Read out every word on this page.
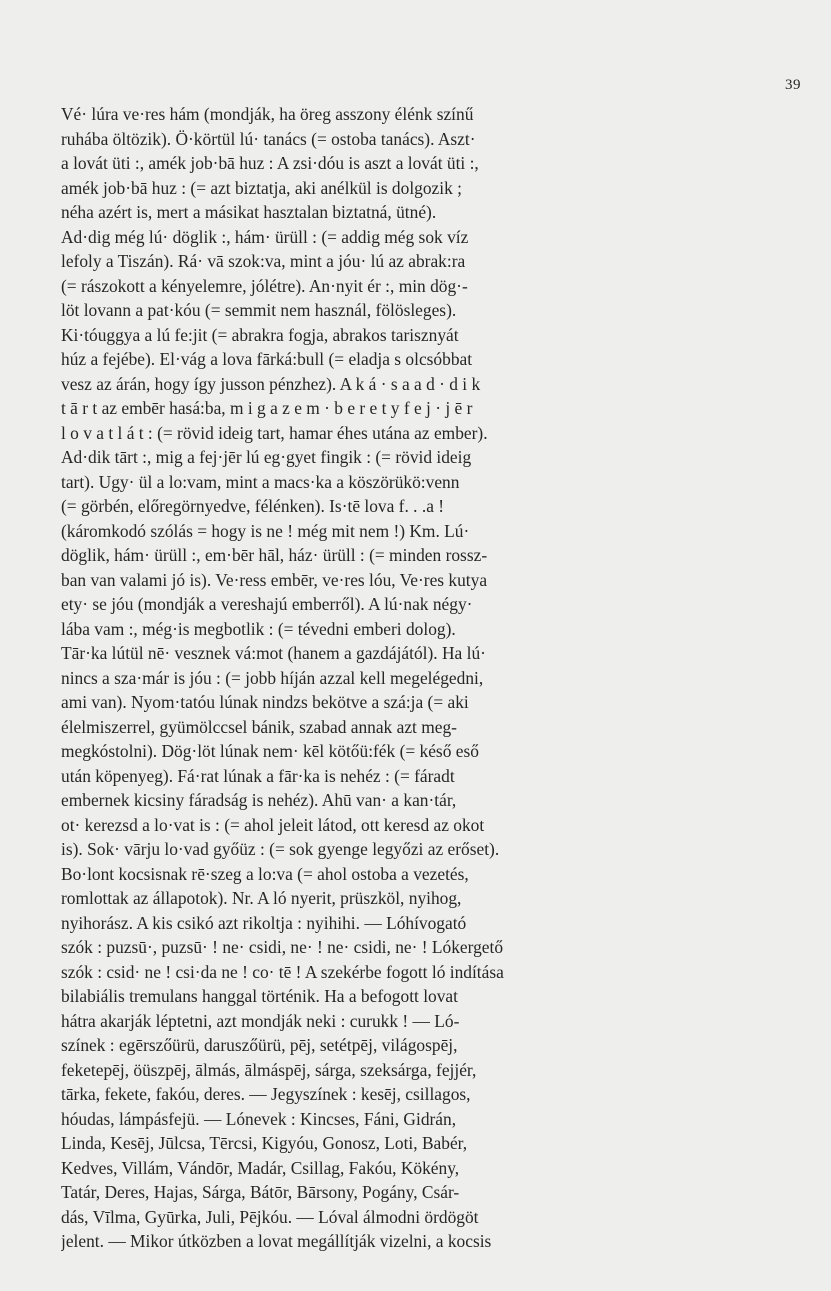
39
Vé· lúra ve·res hám (mondják, ha öreg asszony élénk színű
ruhába öltözik). Ö·körtül lú· tanács (= ostoba tanács). Aszt·
a lovát üti :, amék job·bā huz : A zsi·dóu is aszt a lovát üti :,
amék job·bā huz : (= azt biztatja, aki anélkül is dolgozik ;
néha azért is, mert a másikat hasztalan biztatná, ütné).
Ad·dig még lú· döglik :, hám· ürüll : (= addig még sok víz
lefoly a Tiszán). Rá· vā szok:va, mint a jóu· lú az abrak:ra
(= rászokott a kényelemre, jólétre). An·nyit ér :, min dög·-
löt lovann a pat·kóu (= semmit nem használ, fölösleges).
Ki·tóuggya a lú fe:jit (= abrakra fogja, abrakos tarisznyát
húz a fejébe). El·vág a lova fārká:bull (= eladja s olcsóbbat
vesz az árán, hogy így jusson pénzhez). A k á · s a a d · d i k
t ā r t az embēr hasá:ba, m i g a z e m · b e r e t y f e j · j ē r
l o v a t l á t : (= rövid ideig tart, hamar éhes utána az ember).
Ad·dik tārt :, mig a fej·jēr lú eg·gyet fingik : (= rövid ideig
tart). Ugy· ül a lo:vam, mint a macs·ka a köszörükö:venn
(= görbén, előregörnyedve, félénken). Is·tē lova f. . .a !
(káromkodó szólás = hogy is ne ! még mit nem !) Km. Lú·
döglik, hám· ürüll :, em·bēr hāl, ház· ürüll : (= minden rossz-
ban van valami jó is). Ve·ress embēr, ve·res lóu, Ve·res kutya
ety· se jóu (mondják a vereshajú emberről). A lú·nak négy·
lába vam :, még·is megbotlik : (= tévedni emberi dolog).
Tār·ka lútül nē· vesznek vá:mot (hanem a gazdájától). Ha lú·
nincs a sza·már is jóu : (= jobb híján azzal kell megelégedni,
ami van). Nyom·tatóu lúnak nindzs bekötve a szá:ja (= aki
élelmiszerrel, gyümölccsel bánik, szabad annak azt meg-
megkóstolni). Dög·löt lúnak nem· kēl kötőü:fék (= késő eső
után köpenyeg). Fá·rat lúnak a fār·ka is nehéz : (= fáradt
embernek kicsiny fáradság is nehéz). Ahū van· a kan·tár,
ot· kerezsd a lo·vat is : (= ahol jeleit látod, ott keresd az okot
is). Sok· vārju lo·vad győüz : (= sok gyenge legyőzi az erőset).
Bo·lont kocsisnak rē·szeg a lo:va (= ahol ostoba a vezetés,
romlottak az állapotok). Nr. A ló nyerit, prüszköl, nyihog,
nyihorász. A kis csikó azt rikoltja : nyihihi. — Lóhívogató
szók : puzsū·, puzsū· ! ne· csidi, ne· ! ne· csidi, ne· ! Lókergető
szók : csid· ne ! csi·da ne ! co· tē ! A szekérbe fogott ló indítása
bilabiális tremulans hanggal történik. Ha a befogott lovat
hátra akarják léptetni, azt mondják neki : curukk ! — Ló-
színek : egērszőürü, daruszőürü, pēj, setétpēj, világospēj,
feketepēj, öüszpēj, ālmás, ālmáspēj, sárga, szeksárga, fejjér,
tārka, fekete, fakóu, deres. — Jegyszínek : kesēj, csillagos,
hóudas, lámpásfejü. — Lónevek : Kincses, Fáni, Gidrán,
Linda, Kesēj, Jūlcsa, Tērcsi, Kigyóu, Gonosz, Loti, Babér,
Kedves, Villám, Vándōr, Madár, Csillag, Fakóu, Kökény,
Tatár, Deres, Hajas, Sárga, Bátōr, Bārsony, Pogány, Csár-
dás, Vīlma, Gyūrka, Juli, Pējkóu. — Lóval álmodni ördögöt
jelent. — Mikor útközben a lovat megállítják vizelni, a kocsis
